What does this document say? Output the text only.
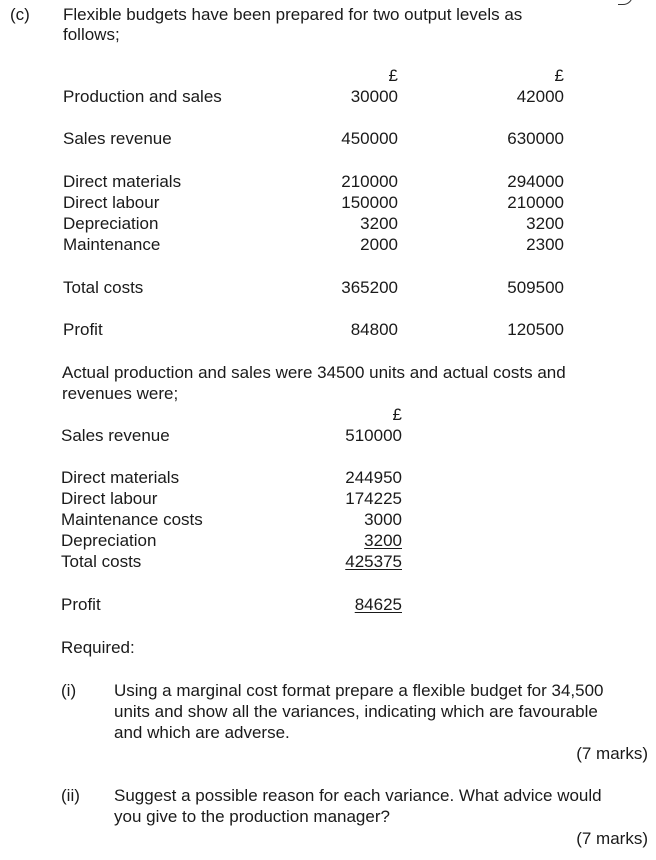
(c) Flexible budgets have been prepared for two output levels as
follows;
£	£
Production and sales	30000	42000
Sales revenue	450000	630000
Direct materials	210000	294000
Direct labour	150000	210000
Depreciation	3200	3200
Maintenance	2000	2300
Total costs	365200	509500
Profit	84800	120500
Actual production and sales were 34500 units and actual costs and
revenues were;
£
Sales revenue	510000
Direct materials	244950
Direct labour	174225
Maintenance costs	3000
Depreciation	3200
Total costs	425375
Profit	84625
Required:
(i) Using a marginal cost format prepare a flexible budget for 34,500
units and show all the variances, indicating which are favourable
and which are adverse.
(7 marks)
(ii) Suggest a possible reason for each variance. What advice would
you give to the production manager?
(7 marks)
